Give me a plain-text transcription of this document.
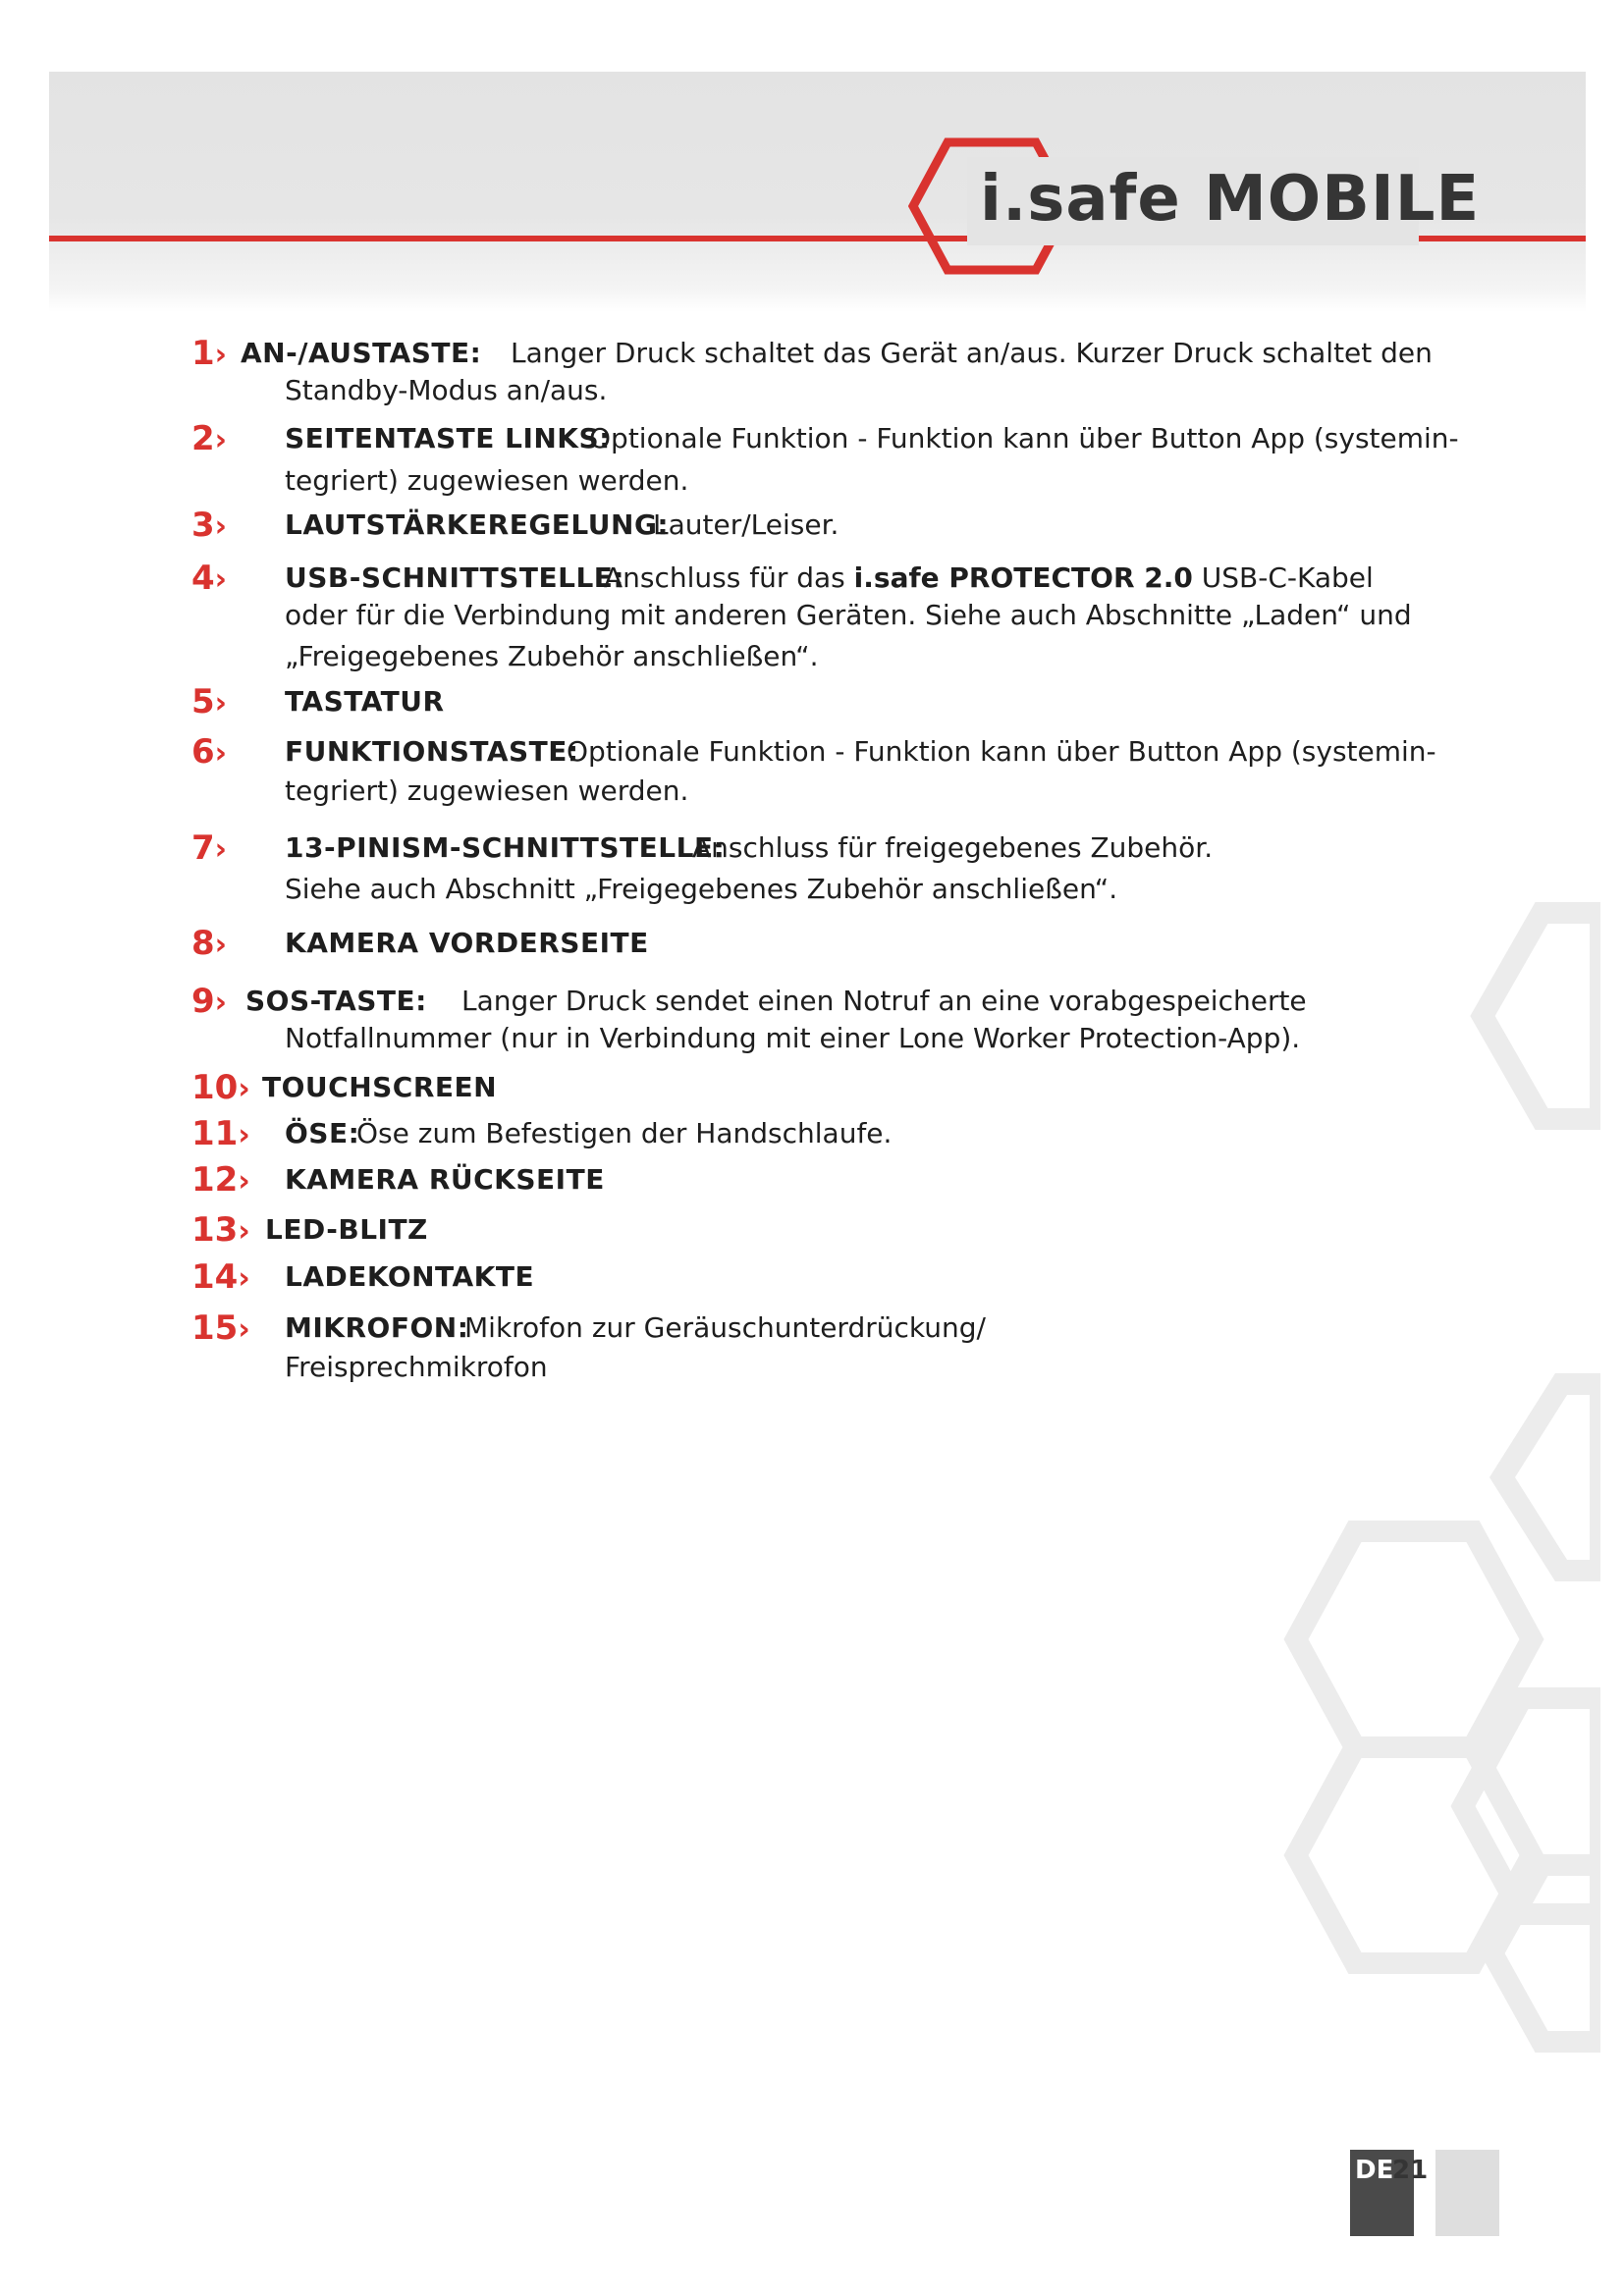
i.safe MOBILE
1› AN-/AUSTASTE: Langer Druck schaltet das Gerät an/aus. Kurzer Druck schaltet den
Standby-Modus an/aus.
2› SEITENTASTE LINKS:
Optionale Funktion - Funktion kann über Button App (systemin-
tegriert) zugewiesen werden.
3› LAUTSTÄRKEREGELUNG:
Lauter/Leiser.
4› USB-SCHNITTSTELLE:
Anschluss für das i.safe PROTECTOR 2.0 USB-C-Kabel
oder für die Verbindung mit anderen Geräten. Siehe auch Abschnitte „Laden“ und
„Freigegebenes Zubehör anschließen“.
5› TASTATUR
6› FUNKTIONSTASTE:
Optionale Funktion - Funktion kann über Button App (systemin-
tegriert) zugewiesen werden.
7› 13-PINISM-SCHNITTSTELLE:
Anschluss für freigegebenes Zubehör.
Siehe auch Abschnitt „Freigegebenes Zubehör anschließen“.
8› KAMERA VORDERSEITE
9› SOS-TASTE: Langer Druck sendet einen Notruf an eine vorabgespeicherte
Notfallnummer (nur in Verbindung mit einer Lone Worker Protection-App).
10› TOUCHSCREEN
11› ÖSE:
Öse zum Befestigen der Handschlaufe.
12› KAMERA RÜCKSEITE
13› LED-BLITZ
14› LADEKONTAKTE
15› MIKROFON:
Mikrofon zur Geräuschunterdrückung/
Freisprechmikrofon
DE
21
